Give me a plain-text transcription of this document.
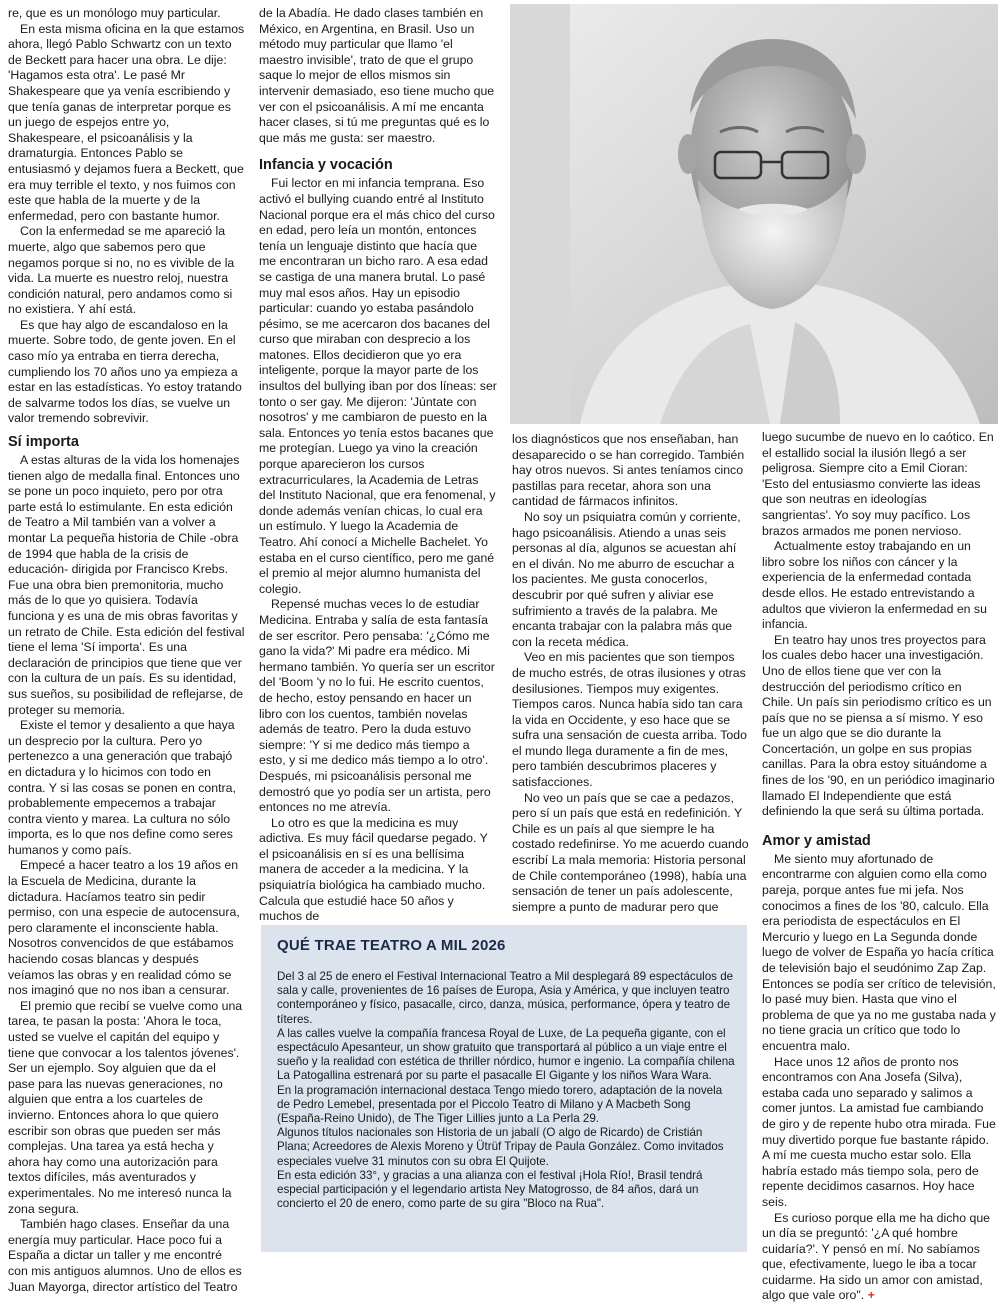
re, que es un monólogo muy particular.

En esta misma oficina en la que estamos ahora, llegó Pablo Schwartz con un texto de Beckett para hacer una obra. Le dije: 'Hagamos esta otra'. Le pasé Mr Shakespeare que ya venía escribiendo y que tenía ganas de interpretar porque es un juego de espejos entre yo, Shakespeare, el psicoanálisis y la dramaturgia. Entonces Pablo se entusiasmó y dejamos fuera a Beckett, que era muy terrible el texto, y nos fuimos con este que habla de la muerte y de la enfermedad, pero con bastante humor.

Con la enfermedad se me apareció la muerte, algo que sabemos pero que negamos porque si no, no es vivible de la vida. La muerte es nuestro reloj, nuestra condición natural, pero andamos como si no existiera. Y ahí está.

Es que hay algo de escandaloso en la muerte. Sobre todo, de gente joven. En el caso mío ya entraba en tierra derecha, cumpliendo los 70 años uno ya empieza a estar en las estadísticas. Yo estoy tratando de salvarme todos los días, se vuelve un valor tremendo sobrevivir.

Sí importa

A estas alturas de la vida los homenajes tienen algo de medalla final. Entonces uno se pone un poco inquieto, pero por otra parte está lo estimulante. En esta edición de Teatro a Mil también van a volver a montar La pequeña historia de Chile -obra de 1994 que habla de la crisis de educación- dirigida por Francisco Krebs. Fue una obra bien premonitoria, mucho más de lo que yo quisiera. Todavía funciona y es una de mis obras favoritas y un retrato de Chile. Esta edición del festival tiene el lema 'Sí importa'. Es una declaración de principios que tiene que ver con la cultura de un país. Es su identidad, sus sueños, su posibilidad de reflejarse, de proteger su memoria.

Existe el temor y desaliento a que haya un desprecio por la cultura. Pero yo pertenezco a una generación que trabajó en dictadura y lo hicimos con todo en contra. Y si las cosas se ponen en contra, probablemente empecemos a trabajar contra viento y marea. La cultura no sólo importa, es lo que nos define como seres humanos y como país.

Empecé a hacer teatro a los 19 años en la Escuela de Medicina, durante la dictadura. Hacíamos teatro sin pedir permiso, con una especie de autocensura, pero claramente el inconsciente habla. Nosotros convencidos de que estábamos haciendo cosas blancas y después veíamos las obras y en realidad cómo se nos imaginó que no nos iban a censurar.

El premio que recibí se vuelve como una tarea, te pasan la posta: 'Ahora le toca, usted se vuelve el capitán del equipo y tiene que convocar a los talentos jóvenes'. Ser un ejemplo. Soy alguien que da el pase para las nuevas generaciones, no alguien que entra a los cuarteles de invierno. Entonces ahora lo que quiero escribir son obras que pueden ser más complejas. Una tarea ya está hecha y ahora hay como una autorización para textos difíciles, más aventurados y experimentales. No me interesó nunca la zona segura.

También hago clases. Enseñar da una energía muy particular. Hace poco fui a España a dictar un taller y me encontré con mis antiguos alumnos. Uno de ellos es Juan Mayorga, director artístico del Teatro

de la Abadía. He dado clases también en México, en Argentina, en Brasil. Uso un método muy particular que llamo 'el maestro invisible', trato de que el grupo saque lo mejor de ellos mismos sin intervenir demasiado, eso tiene mucho que ver con el psicoanálisis. A mí me encanta hacer clases, si tú me preguntas qué es lo que más me gusta: ser maestro.

Infancia y vocación

Fui lector en mi infancia temprana. Eso activó el bullying cuando entré al Instituto Nacional porque era el más chico del curso en edad, pero leía un montón, entonces tenía un lenguaje distinto que hacía que me encontraran un bicho raro. A esa edad se castiga de una manera brutal. Lo pasé muy mal esos años. Hay un episodio particular: cuando yo estaba pasándolo pésimo, se me acercaron dos bacanes del curso que miraban con desprecio a los matones. Ellos decidieron que yo era inteligente, porque la mayor parte de los insultos del bullying iban por dos líneas: ser tonto o ser gay. Me dijeron: 'Júntate con nosotros' y me cambiaron de puesto en la sala. Entonces yo tenía estos bacanes que me protegían. Luego ya vino la creación porque aparecieron los cursos extracurriculares, la Academia de Letras del Instituto Nacional, que era fenomenal, y donde además venían chicas, lo cual era un estímulo. Y luego la Academia de Teatro. Ahí conocí a Michelle Bachelet. Yo estaba en el curso científico, pero me gané el premio al mejor alumno humanista del colegio.

Repensé muchas veces lo de estudiar Medicina. Entraba y salía de esta fantasía de ser escritor. Pero pensaba: '¿Cómo me gano la vida?' Mi padre era médico. Mi hermano también. Yo quería ser un escritor del 'Boom 'y no lo fui. He escrito cuentos, de hecho, estoy pensando en hacer un libro con los cuentos, también novelas además de teatro. Pero la duda estuvo siempre: 'Y si me dedico más tiempo a esto, y si me dedico más tiempo a lo otro'. Después, mi psicoanálisis personal me demostró que yo podía ser un artista, pero entonces no me atrevía.

Lo otro es que la medicina es muy adictiva. Es muy fácil quedarse pegado. Y el psicoanálisis en sí es una bellísima manera de acceder a la medicina. Y la psiquiatría biológica ha cambiado mucho. Calcula que estudié hace 50 años y muchos de

los diagnósticos que nos enseñaban, han desaparecido o se han corregido. También hay otros nuevos. Si antes teníamos cinco pastillas para recetar, ahora son una cantidad de fármacos infinitos.

No soy un psiquiatra común y corriente, hago psicoanálisis. Atiendo a unas seis personas al día, algunos se acuestan ahí en el diván. No me aburro de escuchar a los pacientes. Me gusta conocerlos, descubrir por qué sufren y aliviar ese sufrimiento a través de la palabra. Me encanta trabajar con la palabra más que con la receta médica.

Veo en mis pacientes que son tiempos de mucho estrés, de otras ilusiones y otras desilusiones. Tiempos muy exigentes. Tiempos caros. Nunca había sido tan cara la vida en Occidente, y eso hace que se sufra una sensación de cuesta arriba. Todo el mundo llega duramente a fin de mes, pero también descubrimos placeres y satisfacciones.

No veo un país que se cae a pedazos, pero sí un país que está en redefinición. Y Chile es un país al que siempre le ha costado redefinirse. Yo me acuerdo cuando escribí La mala memoria: Historia personal de Chile contemporáneo (1998), había una sensación de tener un país adolescente, siempre a punto de madurar pero que

luego sucumbe de nuevo en lo caótico. En el estallido social la ilusión llegó a ser peligrosa. Siempre cito a Emil Cioran: 'Esto del entusiasmo convierte las ideas que son neutras en ideologías sangrientas'. Yo soy muy pacífico. Los brazos armados me ponen nervioso.

Actualmente estoy trabajando en un libro sobre los niños con cáncer y la experiencia de la enfermedad contada desde ellos. He estado entrevistando a adultos que vivieron la enfermedad en su infancia.

En teatro hay unos tres proyectos para los cuales debo hacer una investigación. Uno de ellos tiene que ver con la destrucción del periodismo crítico en Chile. Un país sin periodismo crítico es un país que no se piensa a sí mismo. Y eso fue un algo que se dio durante la Concertación, un golpe en sus propias canillas. Para la obra estoy situándome a fines de los '90, en un periódico imaginario llamado El Independiente que está definiendo la que será su última portada.

Amor y amistad

Me siento muy afortunado de encontrarme con alguien como ella como pareja, porque antes fue mi jefa. Nos conocimos a fines de los '80, calculo. Ella era periodista de espectáculos en El Mercurio y luego en La Segunda donde luego de volver de España yo hacía crítica de televisión bajo el seudónimo Zap Zap. Entonces se podía ser crítico de televisión, lo pasé muy bien. Hasta que vino el problema de que ya no me gustaba nada y no tiene gracia un crítico que todo lo encuentra malo.

Hace unos 12 años de pronto nos encontramos con Ana Josefa (Silva), estaba cada uno separado y salimos a comer juntos. La amistad fue cambiando de giro y de repente hubo otra mirada. Fue muy divertido porque fue bastante rápido. A mí me cuesta mucho estar solo. Ella habría estado más tiempo sola, pero de repente decidimos casarnos. Hoy hace seis.

Es curioso porque ella me ha dicho que un día se preguntó: '¿A qué hombre cuidaría?'. Y pensó en mí. No sabíamos que, efectivamente, luego le iba a tocar cuidarme. Ha sido un amor con amistad, algo que vale oro". +

QUÉ TRAE TEATRO A MIL 2026

Del 3 al 25 de enero el Festival Internacional Teatro a Mil desplegará 89 espectáculos de sala y calle, provenientes de 16 países de Europa, Asia y América, y que incluyen teatro contemporáneo y físico, pasacalle, circo, danza, música, performance, ópera y teatro de títeres.

A las calles vuelve la compañía francesa Royal de Luxe, de La pequeña gigante, con el espectáculo Apesanteur, un show gratuito que transportará al público a un viaje entre el sueño y la realidad con estética de thriller nórdico, humor e ingenio. La compañía chilena La Patogallina estrenará por su parte el pasacalle El Gigante y los niños Wara Wara.

En la programación internacional destaca Tengo miedo torero, adaptación de la novela de Pedro Lemebel, presentada por el Piccolo Teatro di Milano y A Macbeth Song (España-Reino Unido), de The Tiger Lillies junto a La Perla 29.

Algunos títulos nacionales son Historia de un jabalí (O algo de Ricardo) de Cristián Plana; Acreedores de Alexis Moreno y Ütrüf Tripay de Paula González. Como invitados especiales vuelve 31 minutos con su obra El Quijote.

En esta edición 33°, y gracias a una alianza con el festival ¡Hola Río!, Brasil tendrá especial participación y el legendario artista Ney Matogrosso, de 84 años, dará un concierto el 20 de enero, como parte de su gira "Bloco na Rua".
